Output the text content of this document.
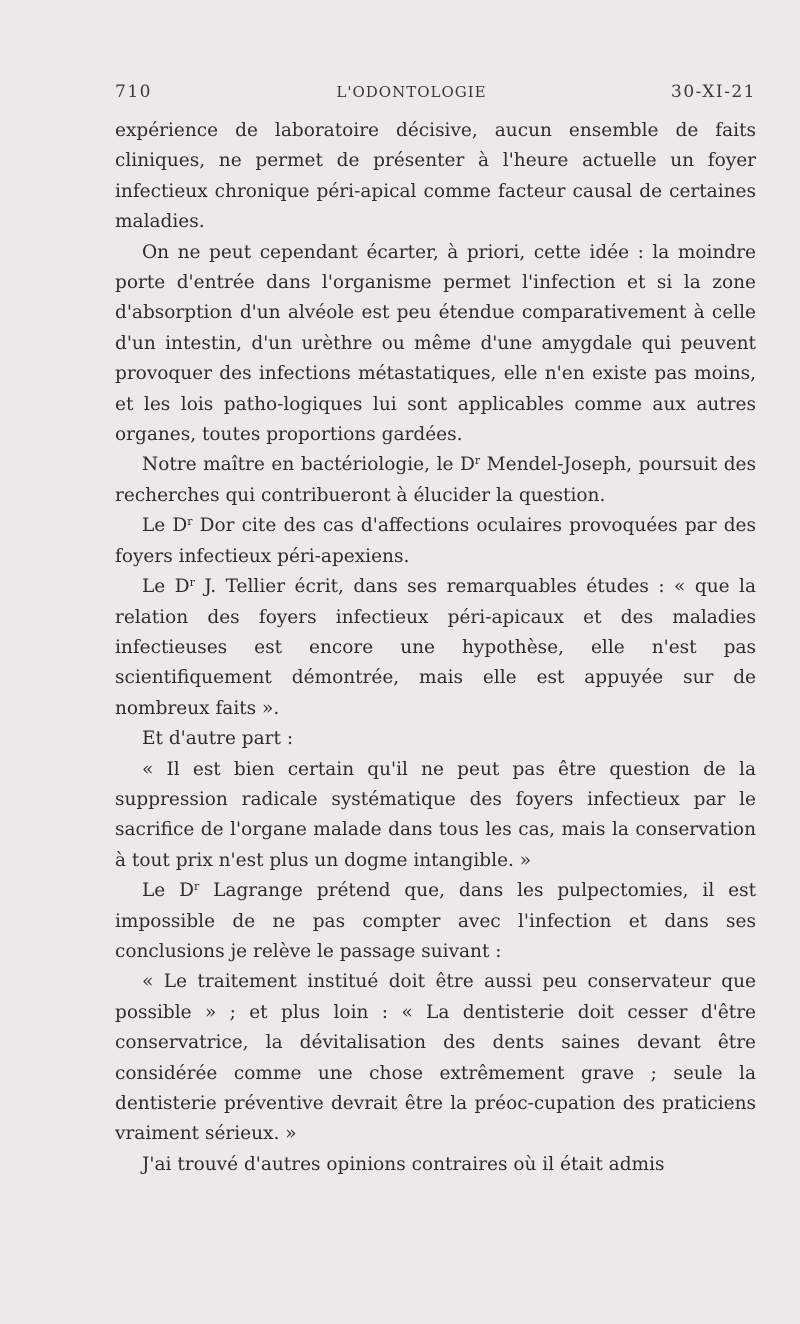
710	L'ODONTOLOGIE	30-XI-21

expérience de laboratoire décisive, aucun ensemble de faits cliniques, ne permet de présenter à l'heure actuelle un foyer infectieux chronique péri-apical comme facteur causal de certaines maladies.

On ne peut cependant écarter, à priori, cette idée : la moindre porte d'entrée dans l'organisme permet l'infection et si la zone d'absorption d'un alvéole est peu étendue comparativement à celle d'un intestin, d'un urèthre ou même d'une amygdale qui peuvent provoquer des infections métastatiques, elle n'en existe pas moins, et les lois patho-logiques lui sont applicables comme aux autres organes, toutes proportions gardées.

Notre maître en bactériologie, le $D^r$ Mendel-Joseph, poursuit des recherches qui contribueront à élucider la question.

Le $D^r$ Dor cite des cas d'affections oculaires provoquées par des foyers infectieux péri-apexiens.

Le $D^r$ J. Tellier écrit, dans ses remarquables études : « que la relation des foyers infectieux péri-apicaux et des maladies infectieuses est encore une hypothèse, elle n'est pas scientifiquement démontrée, mais elle est appuyée sur de nombreux faits ».

Et d'autre part :

« Il est bien certain qu'il ne peut pas être question de la suppression radicale systématique des foyers infectieux par le sacrifice de l'organe malade dans tous les cas, mais la conservation à tout prix n'est plus un dogme intangible. »

Le $D^r$ Lagrange prétend que, dans les pulpectomies, il est impossible de ne pas compter avec l'infection et dans ses conclusions je relève le passage suivant :

« Le traitement institué doit être aussi peu conservateur que possible » ; et plus loin : « La dentisterie doit cesser d'être conservatrice, la dévitalisation des dents saines devant être considérée comme une chose extrêmement grave ; seule la dentisterie préventive devrait être la préoc-cupation des praticiens vraiment sérieux. »

J'ai trouvé d'autres opinions contraires où il était admis
